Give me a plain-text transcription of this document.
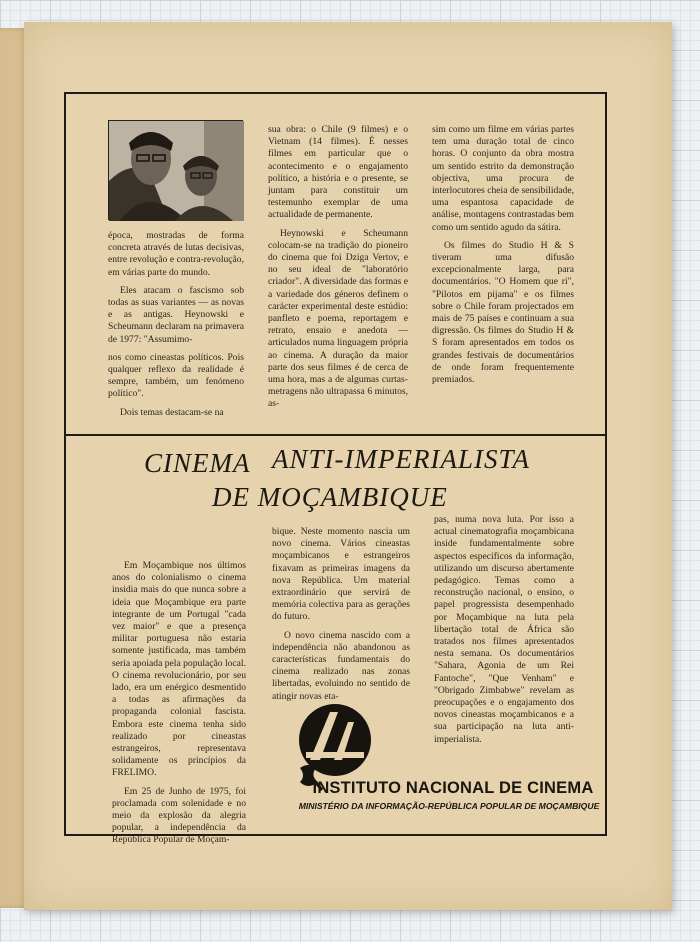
época, mostradas de forma concreta através de lutas decisivas, entre revolução e contra-revolução, em várias parte do mundo.

Eles atacam o fascismo sob todas as suas variantes — as novas e as antigas. Heynowski e Scheumann declaram na primavera de 1977: "Assumimo-

nos como cineastas políticos. Pois qualquer reflexo da realidade é sempre, também, um fenómeno político".

Dois temas destacam-se na

sua obra: o Chile (9 filmes) e o Vietnam (14 filmes). É nesses filmes em particular que o acontecimento e o engajamento político, a história e o presente, se juntam para constituir um testemunho exemplar de uma actualidade de permanente.

Heynowski e Scheumann colocam-se na tradição do pioneiro do cinema que foi Dziga Vertov, e no seu ideal de "laboratório criador". A diversidade das formas e a variedade dos géneros definem o carácter experimental deste estúdio: panfleto e poema, reportagem e retrato, ensaio e anedota — articulados numa linguagem própria ao cinema. A duração da maior parte dos seus filmes é de cerca de uma hora, mas a de algumas curtas-metragens não ultrapassa 6 minutos, as-

sim como um filme em várias partes tem uma duração total de cinco horas. O conjunto da obra mostra um sentido estrito da demonstração objectiva, uma procura de interlocutores cheia de sensibilidade, uma espantosa capacidade de análise, montagens contrastadas bem como um sentido agudo da sátira.

Os filmes do Studio H & S tiveram uma difusão excepcionalmente larga, para documentários. "O Homem que ri", "Pilotos em pijama" e os filmes sobre o Chile foram projectados em mais de 75 países e continuam a sua digressão. Os filmes do Studio H & S foram apresentados em todos os grandes festivais de documentários de onde foram frequentemente premiados.

CINEMA ANTI-IMPERIALISTA
DE MOÇAMBIQUE

Em Moçambique nos últimos anos do colonialismo o cinema insidia mais do que nunca sobre a ideia que Moçambique era parte integrante de um Portugal "cada vez maior" e que a presença militar portuguesa não estaria somente justificada, mas também seria apoiada pela população local. O cinema revolucionário, por seu lado, era um enérgico desmentido a todas as afirmações da propaganda colonial fascista. Embora este cinema tenha sido realizado por cineastas estrangeiros, representava solidamente os princípios da FRELIMO.

Em 25 de Junho de 1975, foi proclamada com solenidade e no meio da explosão da alegria popular, a independência da República Popular de Moçam-

bique. Neste momento nascia um novo cinema. Vários cineastas moçambicanos e estrangeiros fixavam as primeiras imagens da nova República. Um material extraordinário que servirá de memória colectiva para as gerações do futuro.

O novo cinema nascido com a independência não abandonou as características fundamentais do cinema realizado nas zonas libertadas, evoluindo no sentido de atingir novas eta-

pas, numa nova luta. Por isso a actual cinematografia moçambicana inside fundamentalmente sobre aspectos específicos da informação, utilizando um discurso abertamente pedagógico. Temas como a reconstrução nacional, o ensino, o papel progressista desempenhado por Moçambique na luta pela libertação total de África são tratados nos filmes apresentados nesta semana. Os documentários "Sahara, Agonia de um Rei Fantoche", "Que Venham" e "Obrigado Zimbabwe" revelam as preocupações e o engajamento dos novos cineastas moçambicanos e a sua participação na luta anti-imperialista.

INSTITUTO NACIONAL DE CINEMA
MINISTÉRIO DA INFORMAÇÃO-REPÚBLICA POPULAR DE MOÇAMBIQUE
